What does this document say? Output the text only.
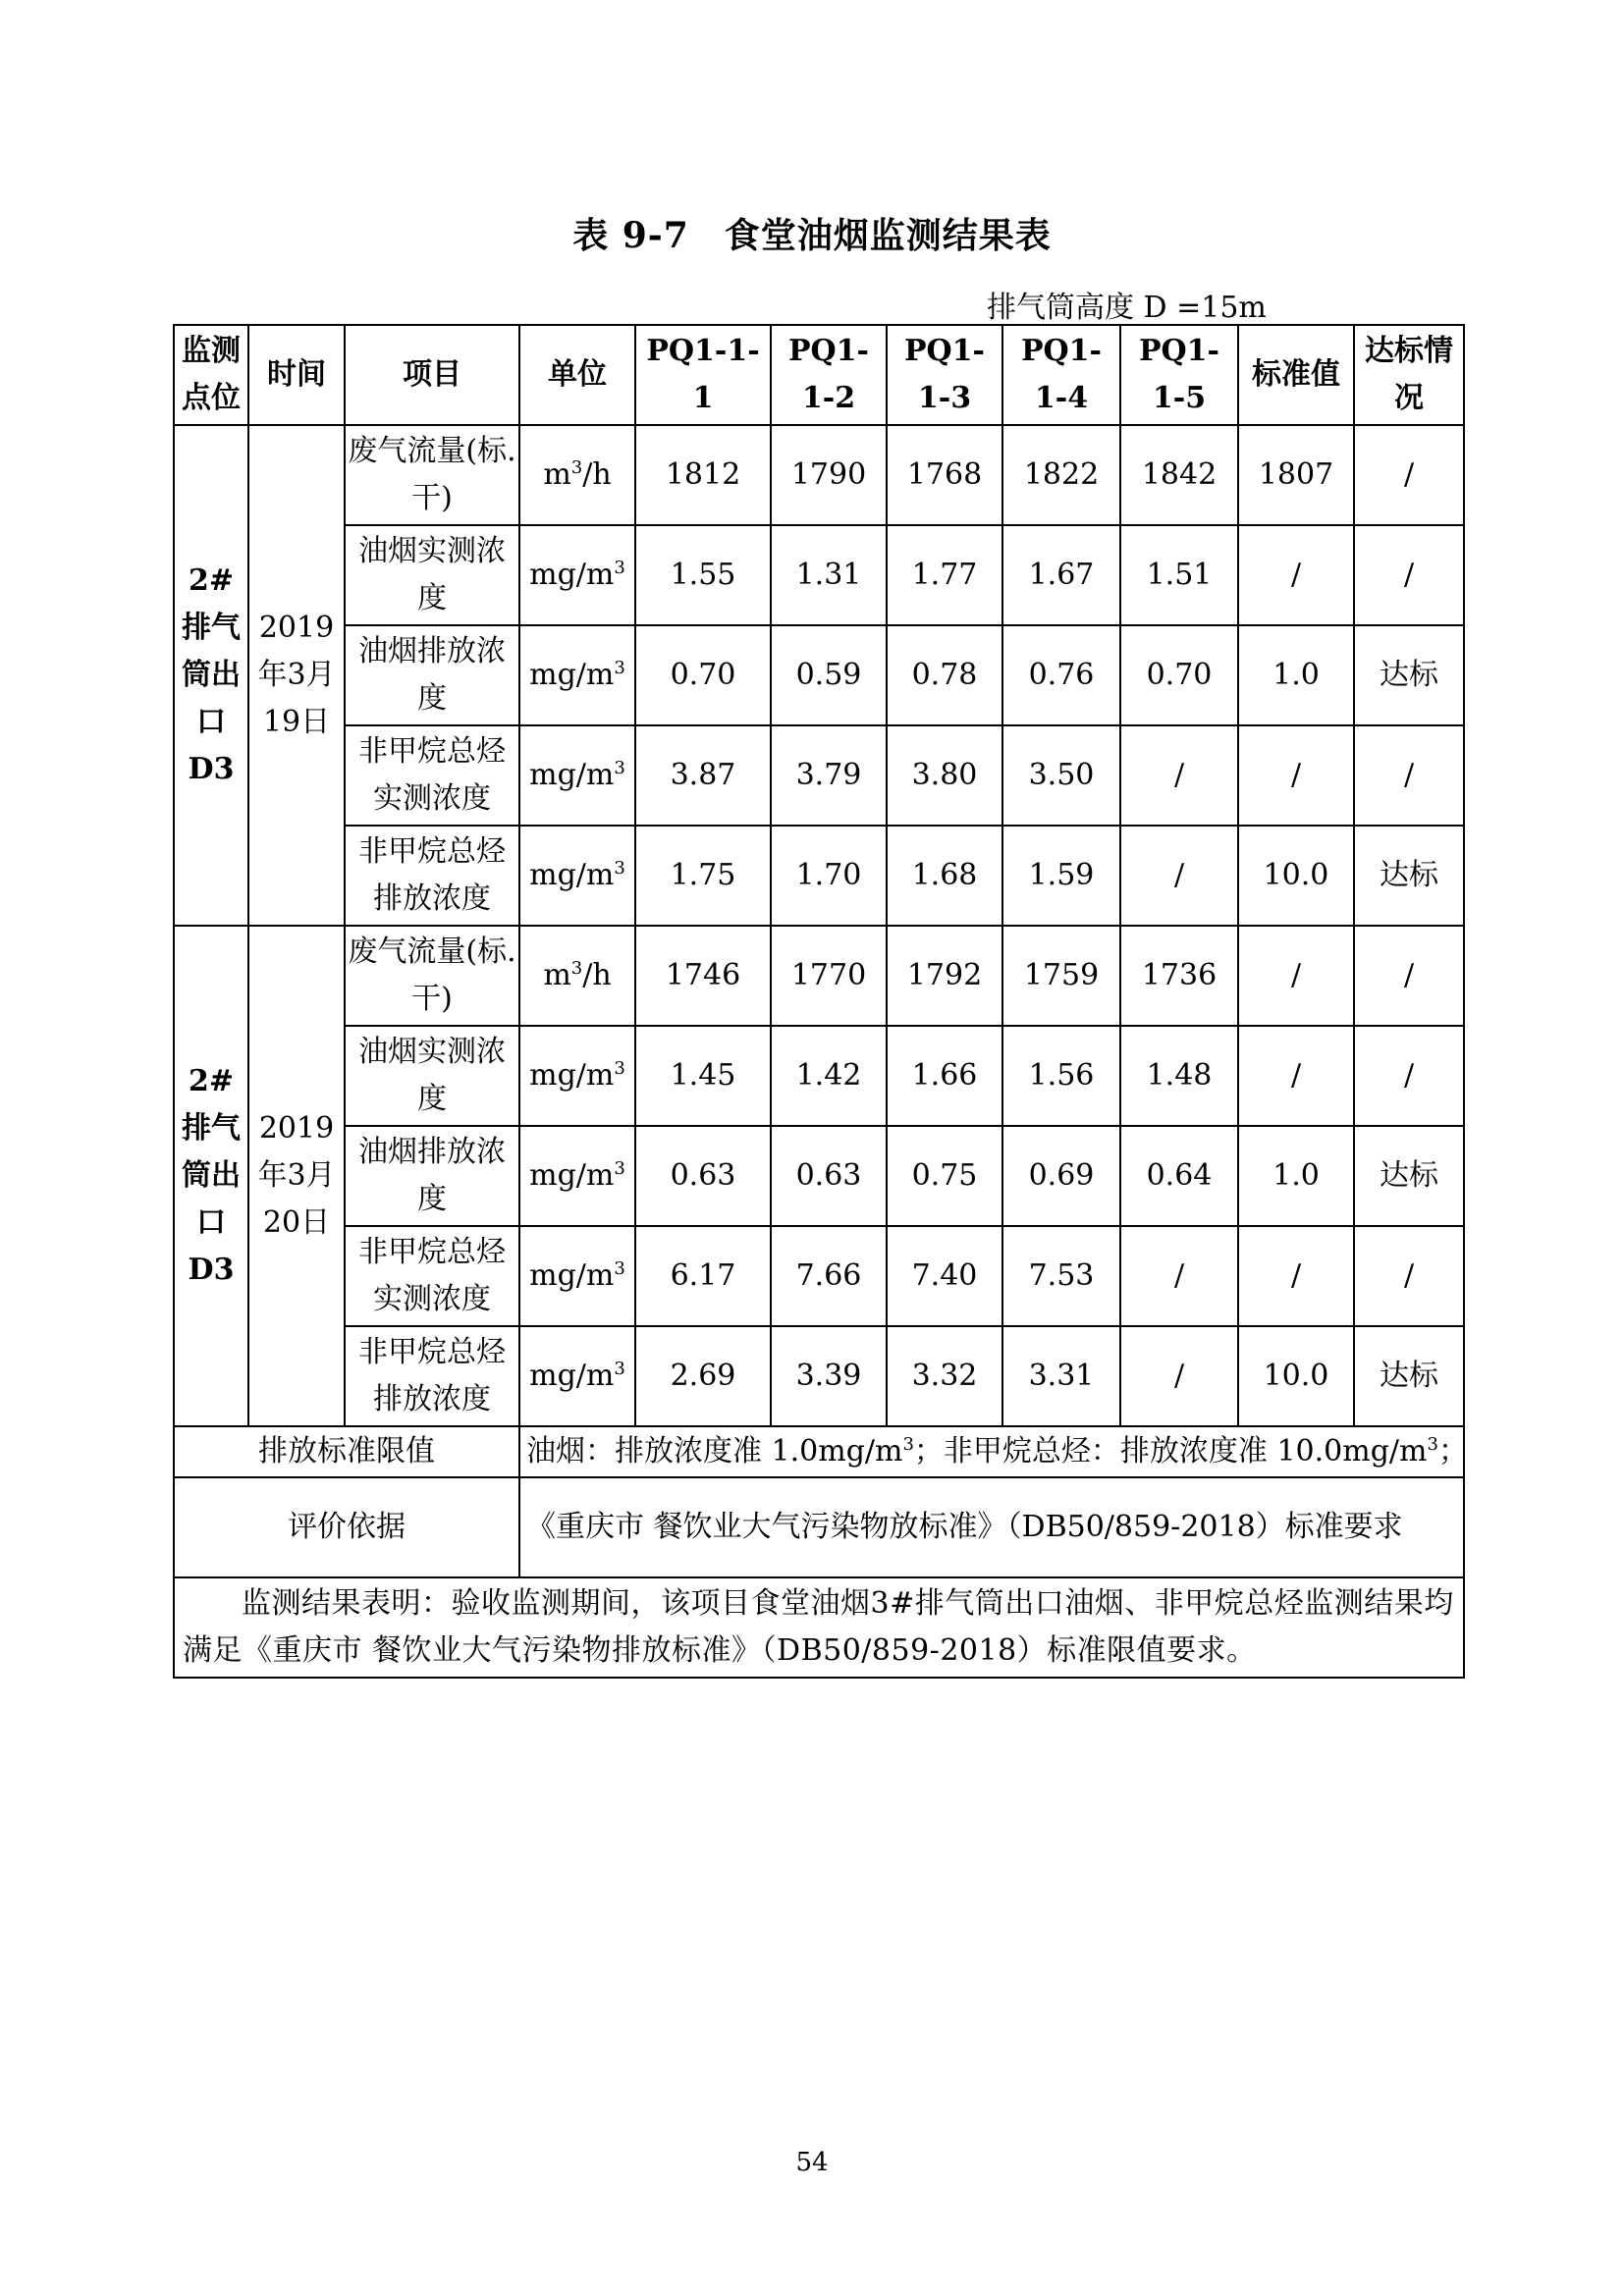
表 9-7 食堂油烟监测结果表
排气筒高度 D =15m
监测点位	时间	项目	单位	PQ1-1-1	PQ1-1-2	PQ1-1-3	PQ1-1-4	PQ1-1-5	标准值	达标情况
2#排气筒出口D3	2019年3月19日	废气流量(标.干)	$m^3/h$	1812	1790	1768	1822	1842	1807	/
		油烟实测浓度	$mg/m^3$	1.55	1.31	1.77	1.67	1.51	/	/
		油烟排放浓度	$mg/m^3$	0.70	0.59	0.78	0.76	0.70	1.0	达标
		非甲烷总烃实测浓度	$mg/m^3$	3.87	3.79	3.80	3.50	/	/	/
		非甲烷总烃排放浓度	$mg/m^3$	1.75	1.70	1.68	1.59	/	10.0	达标
2#排气筒出口D3	2019年3月20日	废气流量(标.干)	$m^3/h$	1746	1770	1792	1759	1736	/	/
		油烟实测浓度	$mg/m^3$	1.45	1.42	1.66	1.56	1.48	/	/
		油烟排放浓度	$mg/m^3$	0.63	0.63	0.75	0.69	0.64	1.0	达标
		非甲烷总烃实测浓度	$mg/m^3$	6.17	7.66	7.40	7.53	/	/	/
		非甲烷总烃排放浓度	$mg/m^3$	2.69	3.39	3.32	3.31	/	10.0	达标
排放标准限值			油烟：排放浓度准 $1.0mg/m^3$；非甲烷总烃：排放浓度准 $10.0mg/m^3$；							
评价依据			《重庆市 餐饮业大气污染物放标准》（DB50/859-2018）标准要求							
监测结果表明：验收监测期间，该项目食堂油烟3#排气筒出口油烟、非甲烷总烃监测结果均满足《重庆市 餐饮业大气污染物排放标准》（DB50/859-2018）标准限值要求。										
54
